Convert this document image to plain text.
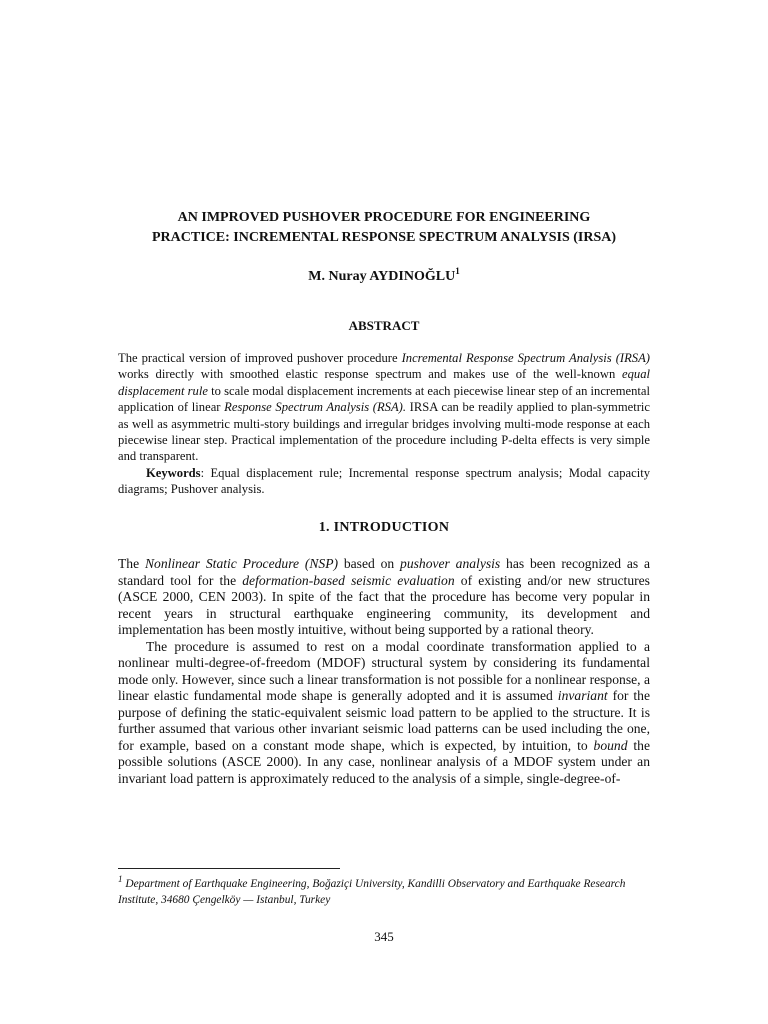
AN IMPROVED PUSHOVER PROCEDURE FOR ENGINEERING
PRACTICE: INCREMENTAL RESPONSE SPECTRUM ANALYSIS (IRSA)

M. Nuray AYDINOĞLU$^1$

ABSTRACT

The practical version of improved pushover procedure Incremental Response Spectrum Analysis (IRSA) works directly with smoothed elastic response spectrum and makes use of the well-known equal displacement rule to scale modal displacement increments at each piecewise linear step of an incremental application of linear Response Spectrum Analysis (RSA). IRSA can be readily applied to plan-symmetric as well as asymmetric multi-story buildings and irregular bridges involving multi-mode response at each piecewise linear step. Practical implementation of the procedure including P-delta effects is very simple and transparent.

Keywords: Equal displacement rule; Incremental response spectrum analysis; Modal capacity diagrams; Pushover analysis.

1. INTRODUCTION

The Nonlinear Static Procedure (NSP) based on pushover analysis has been recognized as a standard tool for the deformation-based seismic evaluation of existing and/or new structures (ASCE 2000, CEN 2003). In spite of the fact that the procedure has become very popular in recent years in structural earthquake engineering community, its development and implementation has been mostly intuitive, without being supported by a rational theory.

The procedure is assumed to rest on a modal coordinate transformation applied to a nonlinear multi-degree-of-freedom (MDOF) structural system by considering its fundamental mode only. However, since such a linear transformation is not possible for a nonlinear response, a linear elastic fundamental mode shape is generally adopted and it is assumed invariant for the purpose of defining the static-equivalent seismic load pattern to be applied to the structure. It is further assumed that various other invariant seismic load patterns can be used including the one, for example, based on a constant mode shape, which is expected, by intuition, to bound the possible solutions (ASCE 2000). In any case, nonlinear analysis of a MDOF system under an invariant load pattern is approximately reduced to the analysis of a simple, single-degree-of-

$^1$ Department of Earthquake Engineering, Boğaziçi University, Kandilli Observatory and Earthquake Research Institute, 34680 Çengelköy — Istanbul, Turkey

345
